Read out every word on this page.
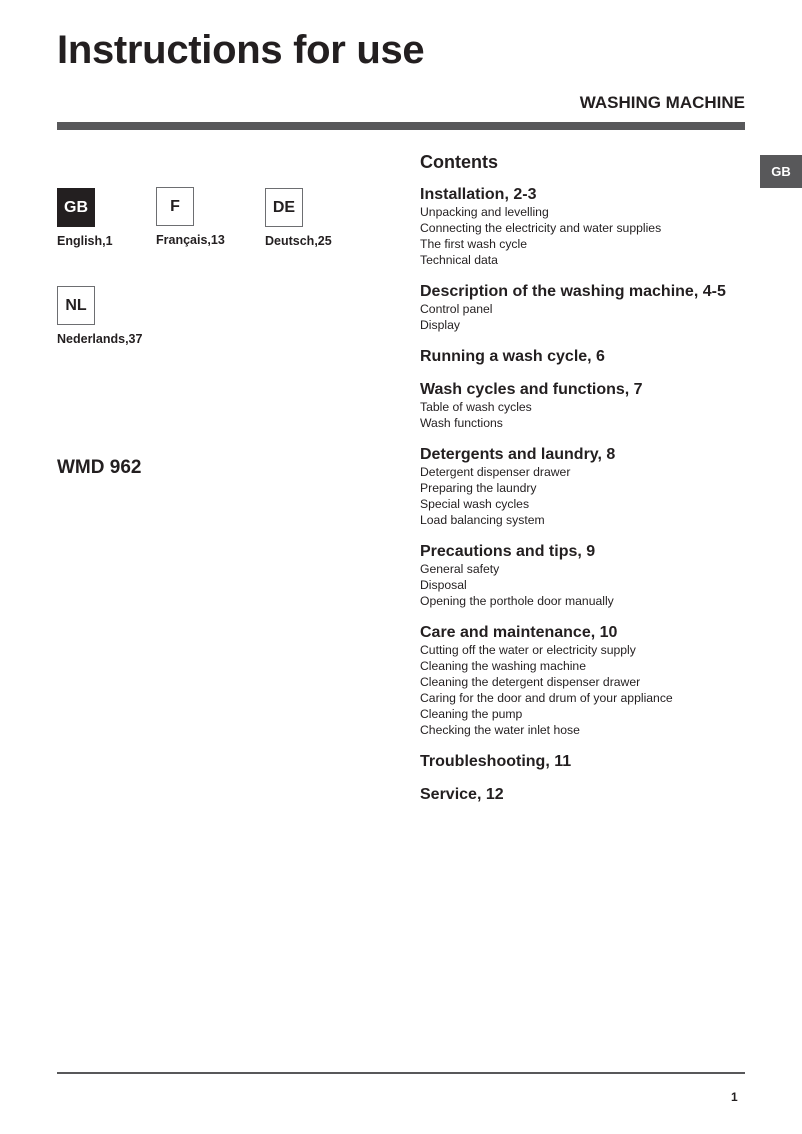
Instructions for use
WASHING MACHINE
GB
GB
English,1
F
Français,13
DE
Deutsch,25
NL
Nederlands,37
WMD 962
Contents
Installation, 2-3
Unpacking and levelling
Connecting the electricity and water supplies
The first wash cycle
Technical data
Description of the washing machine, 4-5
Control panel
Display
Running a wash cycle, 6
Wash cycles and functions, 7
Table of wash cycles
Wash functions
Detergents and laundry, 8
Detergent dispenser drawer
Preparing the laundry
Special wash cycles
Load balancing system
Precautions and tips, 9
General safety
Disposal
Opening the porthole door manually
Care and maintenance, 10
Cutting off the water or electricity supply
Cleaning the washing machine
Cleaning the detergent dispenser drawer
Caring for the door and drum of your appliance
Cleaning the pump
Checking the water inlet hose
Troubleshooting, 11
Service, 12
1
